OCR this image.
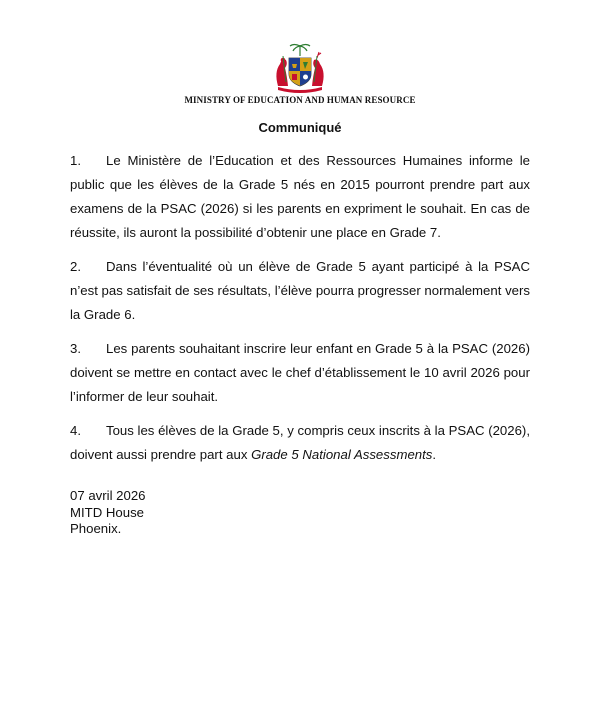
MINISTRY OF EDUCATION AND HUMAN RESOURCE
Communiqué

1. Le Ministère de l’Education et des Ressources Humaines informe le public que les élèves de la Grade 5 nés en 2015 pourront prendre part aux examens de la PSAC (2026) si les parents en expriment le souhait. En cas de réussite, ils auront la possibilité d’obtenir une place en Grade 7.

2. Dans l’éventualité où un élève de Grade 5 ayant participé à la PSAC n’est pas satisfait de ses résultats, l’élève pourra progresser normalement vers la Grade 6.

3. Les parents souhaitant inscrire leur enfant en Grade 5 à la PSAC (2026) doivent se mettre en contact avec le chef d’établissement le 10 avril 2026 pour l’informer de leur souhait.

4. Tous les élèves de la Grade 5, y compris ceux inscrits à la PSAC (2026), doivent aussi prendre part aux Grade 5 National Assessments.

07 avril 2026
MITD House
Phoenix.
